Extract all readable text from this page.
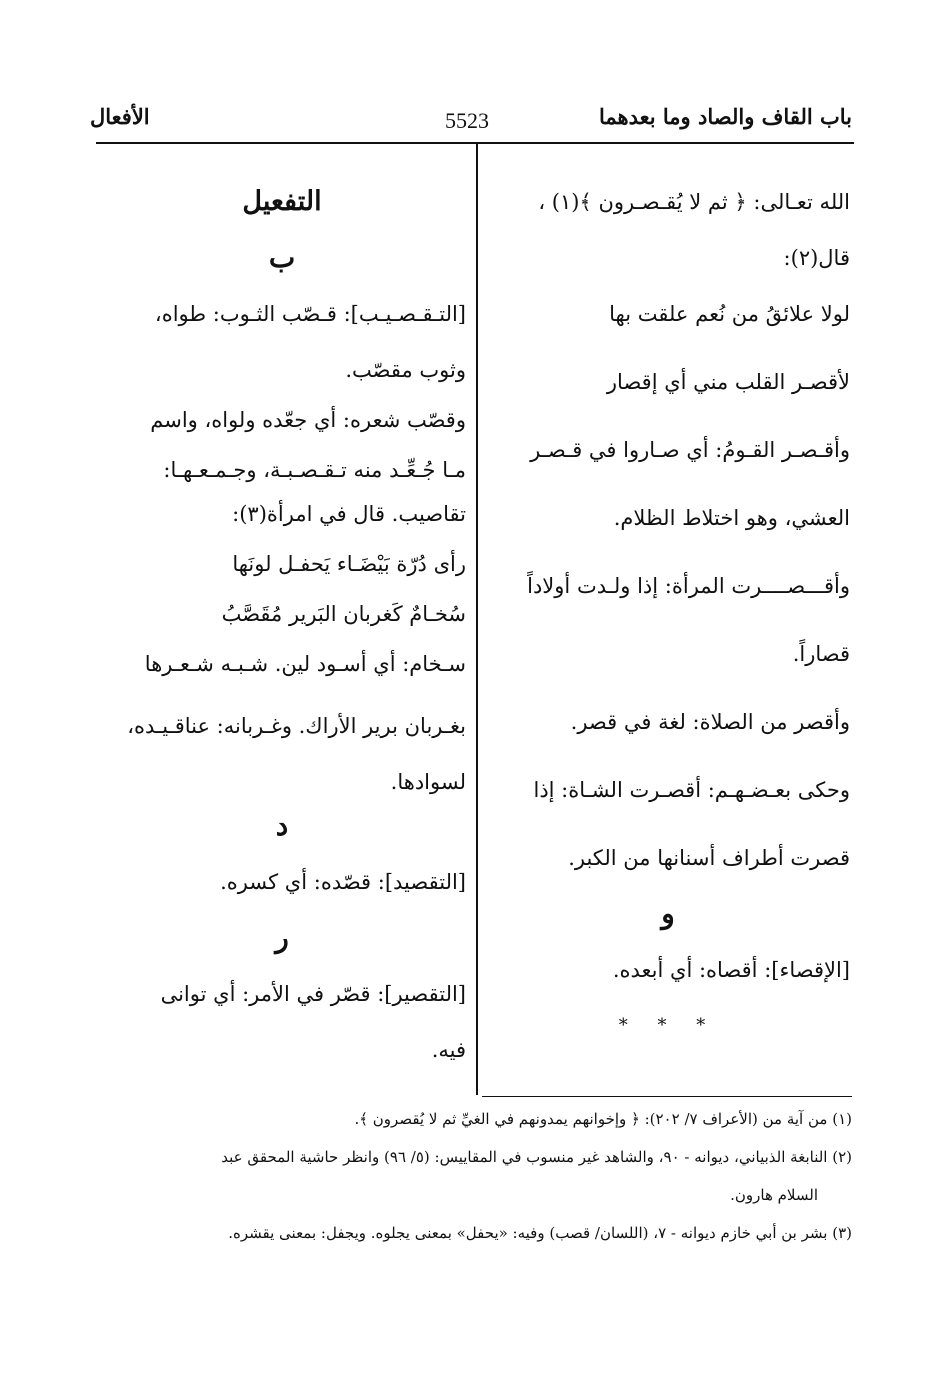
باب القاف والصاد وما بعدهما
5523
الأفعال
الله تعـالى: ﴿ ثم لا يُقـصـرون ﴾(١) ،
قال(٢):
لولا علائقُ من نُعم علقت بها
لأقصـر القلب مني أي إقصار
وأقـصـر القـومُ: أي صـاروا في قـصـر
العشي، وهو اختلاط الظلام.
وأقـــصــــرت المرأة: إذا ولـدت أولاداً
قصاراً.
وأقصر من الصلاة: لغة في قصر.
وحكى بعـضـهـم: أقصـرت الشـاة: إذا
قصرت أطراف أسنانها من الكبر.
و
[الإقصاء]: أقصاه: أي أبعده.
* * *
التفعيل
ب
[التـقـصـيـب]: قـصّب الثـوب: طواه،
وثوب مقصّب.
وقصّب شعره: أي جعّده ولواه، واسم
مـا جُـعِّـد منه تـقـصـبـة، وجـمـعـهـا:
تقاصيب. قال في امرأة(٣):
رأى دُرّة بَيْضَـاء يَحفـل لونَها
سُخـامٌ كَغربان البَرير مُقَصَّبُ
سـخام: أي أسـود لين. شـبـه شـعـرها
بغـربان برير الأراك. وغـربانه: عناقـيـده،
لسوادها.
د
[التقصيد]: قصّده: أي كسره.
ر
[التقصير]: قصّر في الأمر: أي توانى
فيه.
(١) من آية من (الأعراف ٧/ ٢٠٢): ﴿ وإخوانهم يمدونهم في الغيِّ ثم لا يُقصرون ﴾.
(٢) النابغة الذبياني، ديوانه - ٩٠، والشاهد غير منسوب في المقاييس: (٥/ ٩٦) وانظر حاشية المحقق عبد
السلام هارون.
(٣) بشر بن أبي خازم ديوانه - ٧، (اللسان/ قصب) وفيه: «يحفل» بمعنى يجلوه. ويجفل: بمعنى يقشره.
